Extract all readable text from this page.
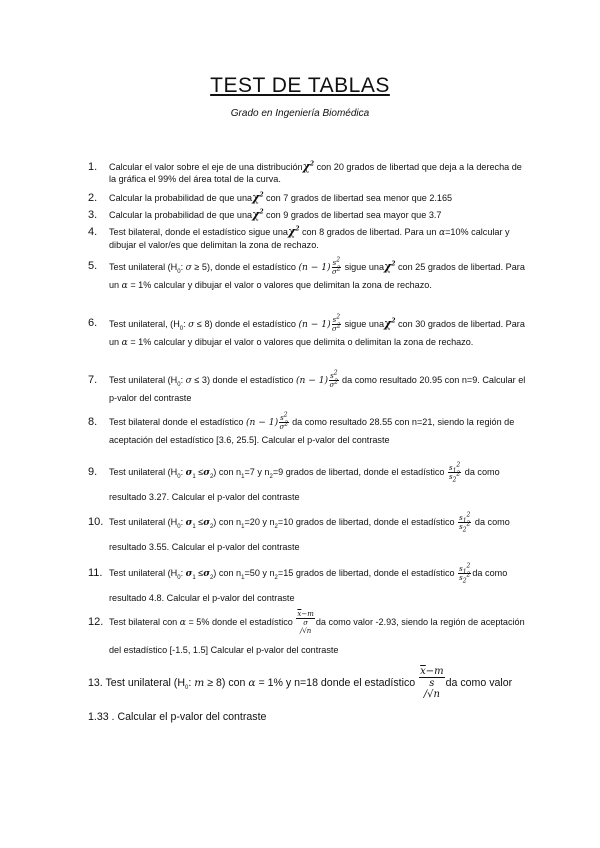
TEST DE TABLAS
Grado en Ingeniería Biomédica
1. Calcular el valor sobre el eje de una distribuciónχ$^2$ con 20 grados de libertad que deja a la derecha de la gráfica el 99% del área total de la curva.
2. Calcular la probabilidad de que unaχ$^2$ con 7 grados de libertad sea menor que 2.165
3. Calcular la probabilidad de que unaχ$^2$ con 9 grados de libertad sea mayor que 3.7
4. Test bilateral, donde el estadístico sigue unaχ$^2$ con 8 grados de libertad. Para un α=10% calcular y dibujar el valor/es que delimitan la zona de rechazo.
5. Test unilateral ($H_0$: σ ≥ 5), donde el estadístico $(n - 1) \frac{s^2}{\sigma^2}$ sigue unaχ$^2$ con 25 grados de libertad. Para un α = 1% calcular y dibujar el valor o valores que delimitan la zona de rechazo.
6. Test unilateral, ($H_0$: σ ≤ 8) donde el estadístico $(n - 1) \frac{s^2}{\sigma^2}$ sigue unaχ$^2$ con 30 grados de libertad. Para un α = 1% calcular y dibujar el valor o valores que delimita o delimitan la zona de rechazo.
7. Test unilateral ($H_0$: σ ≤ 3) donde el estadístico $(n - 1) \frac{s^2}{\sigma^2}$ da como resultado 20.95 con n=9. Calcular el p-valor del contraste
8. Test bilateral donde el estadístico $(n - 1) \frac{s^2}{\sigma^2}$ da como resultado 28.55 con n=21, siendo la región de aceptación del estadístico [3.6, 25.5]. Calcular el p-valor del contraste
9. Test unilateral ($H_0$: $\sigma_1 \le\sigma_2$) con $n_1=7$ y $n_2=9$ grados de libertad, donde el estadístico $\frac{s_1^2}{s_2^2}$ da como resultado 3.27. Calcular el p-valor del contraste
10. Test unilateral ($H_0$: $\sigma_1 \le\sigma_2$) con $n_1=20$ y $n_2=10$ grados de libertad, donde el estadístico $\frac{s_1^2}{s_2^2}$ da como resultado 3.55. Calcular el p-valor del contraste
11. Test unilateral ($H_0$: $\sigma_1 \le\sigma_2$) con $n_1=50$ y $n_2=15$ grados de libertad, donde el estadístico $\frac{s_1^2}{s_2^2}$ da como resultado 4.8. Calcular el p-valor del contraste
12. Test bilateral con α = 5% donde el estadístico
$\overline{x}-m$
σ
/√n
da como valor -2.93, siendo la región de aceptación del estadístico [-1.5, 1.5] Calcular el p-valor del contraste
13. Test unilateral ($H_0$: m ≥ 8) con α = 1% y n=18 donde el estadístico
$\overline{x}-m$
s
/√n
da como valor 1.33 . Calcular el p-valor del contraste
